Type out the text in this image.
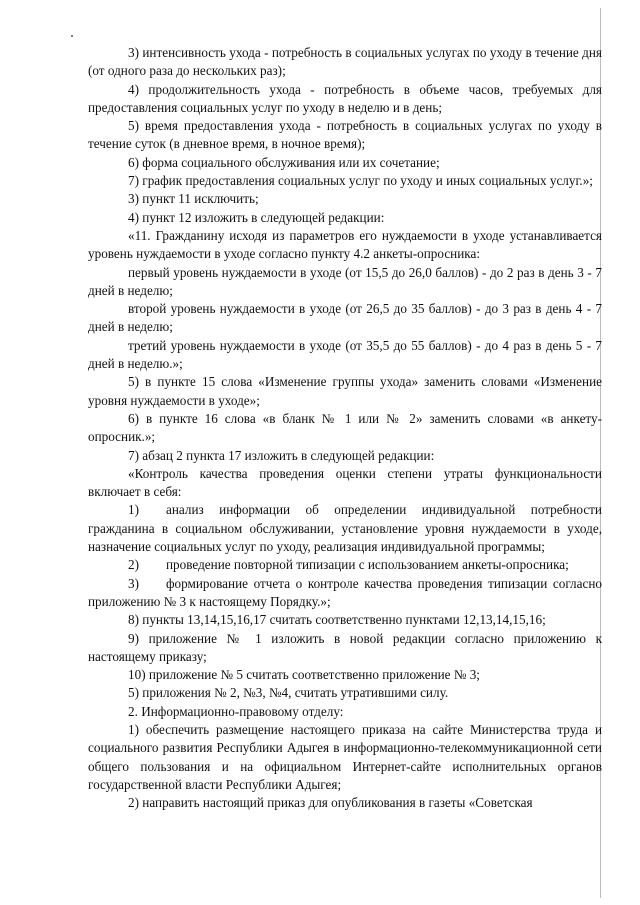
3) интенсивность ухода - потребность в социальных услугах по уходу в течение дня (от одного раза до нескольких раз);

4) продолжительность ухода - потребность в объеме часов, требуемых для предоставления социальных услуг по уходу в неделю и в день;

5) время предоставления ухода - потребность в социальных услугах по уходу в течение суток (в дневное время, в ночное время);

6) форма социального обслуживания или их сочетание;

7) график предоставления социальных услуг по уходу и иных социальных услуг.»;

3) пункт 11 исключить;

4) пункт 12 изложить в следующей редакции:

«11. Гражданину исходя из параметров его нуждаемости в уходе устанавливается уровень нуждаемости в уходе согласно пункту 4.2 анкеты-опросника:

первый уровень нуждаемости в уходе (от 15,5 до 26,0 баллов) - до 2 раз в день 3 - 7 дней в неделю;

второй уровень нуждаемости в уходе (от 26,5 до 35 баллов) - до 3 раз в день 4 - 7 дней в неделю;

третий уровень нуждаемости в уходе (от 35,5 до 55 баллов) - до 4 раз в день 5 - 7 дней в неделю.»;

5) в пункте 15 слова «Изменение группы ухода» заменить словами «Изменение уровня нуждаемости в уходе»;

6) в пункте 16 слова «в бланк № 1 или № 2» заменить словами «в анкету-опросник.»;

7) абзац 2 пункта 17 изложить в следующей редакции:

«Контроль качества проведения оценки степени утраты функциональности включает в себя:

1)	анализ информации об определении индивидуальной потребности гражданина в социальном обслуживании, установление уровня нуждаемости в уходе, назначение социальных услуг по уходу, реализация индивидуальной программы;
2)	проведение повторной типизации с использованием анкеты-опросника;
3)	формирование отчета о контроле качества проведения типизации согласно приложению № 3 к настоящему Порядку.»;

8) пункты 13,14,15,16,17 считать соответственно пунктами 12,13,14,15,16;

9) приложение № 1 изложить в новой редакции согласно приложению к настоящему приказу;

10) приложение № 5 считать соответственно приложение № 3;

5) приложения № 2, №3, №4, считать утратившими силу.

2. Информационно-правовому отделу:

1) обеспечить размещение настоящего приказа на сайте Министерства труда и социального развития Республики Адыгея в информационно-телекоммуникационной сети общего пользования и на официальном Интернет-сайте исполнительных органов государственной власти Республики Адыгея;

2) направить настоящий приказ для опубликования в газеты «Советская
